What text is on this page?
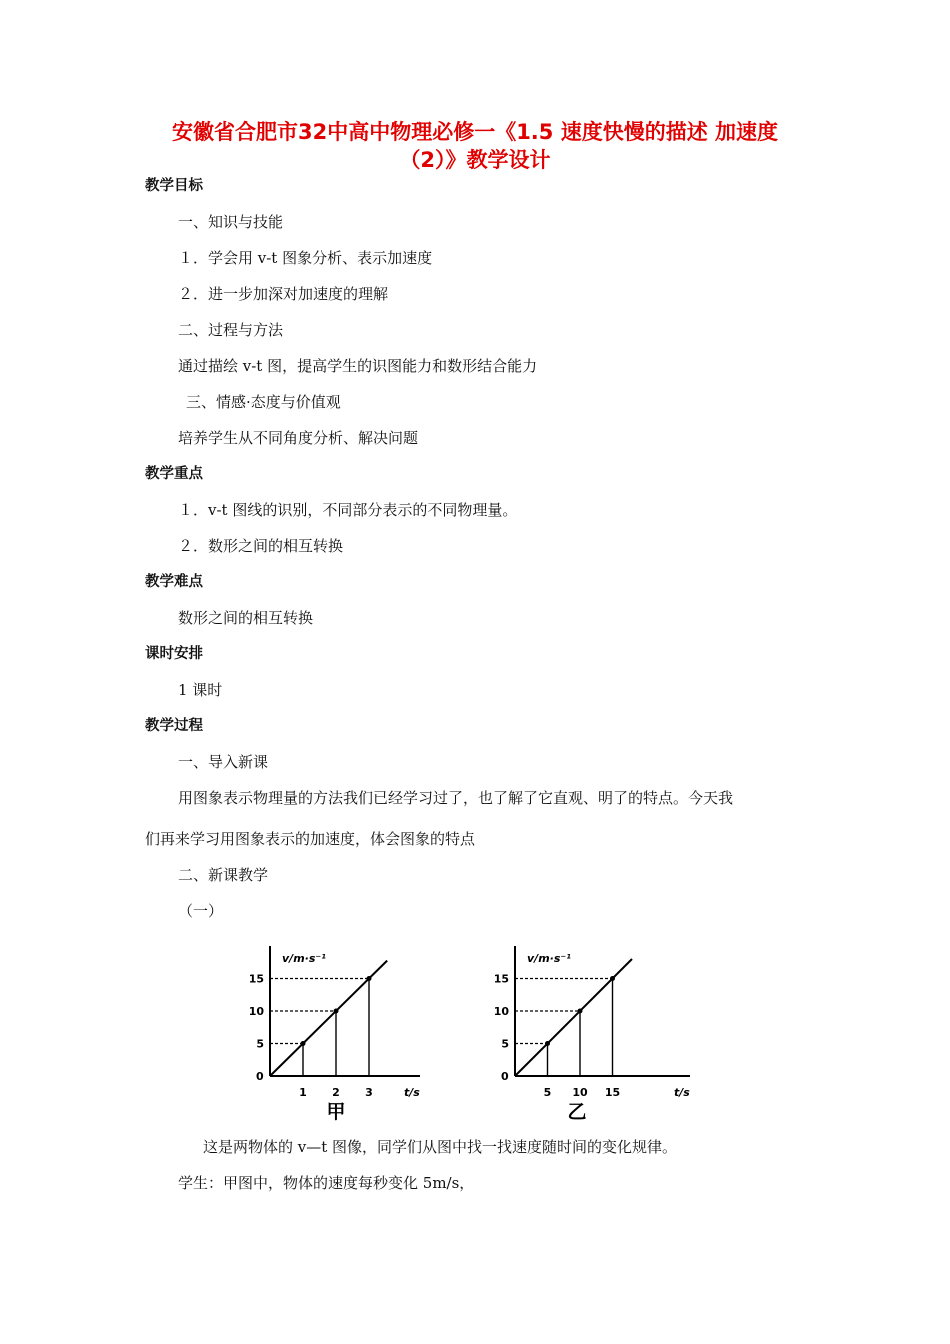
安徽省合肥市32中高中物理必修一《1.5 速度快慢的描述 加速度
（2）》教学设计
教学目标
一、知识与技能
１．学会用 v-t 图象分析、表示加速度
２．进一步加深对加速度的理解
二、过程与方法
通过描绘 v-t 图，提高学生的识图能力和数形结合能力
三、情感·态度与价值观
培养学生从不同角度分析、解决问题
教学重点
１．v-t 图线的识别，不同部分表示的不同物理量。
２．数形之间的相互转换
教学难点
数形之间的相互转换
课时安排
1 课时
教学过程
一、导入新课
用图象表示物理量的方法我们已经学习过了，也了解了它直观、明了的特点。今天我
们再来学习用图象表示的加速度，体会图象的特点
二、新课教学
（一）
v/m·s⁻¹
t/s
0
1
5
2
10
3
15
甲
v/m·s⁻¹
t/s
0
5
5
10
10
15
15
乙
这是两物体的 v—t 图像，同学们从图中找一找速度随时间的变化规律。
学生：甲图中，物体的速度每秒变化 5m/s，
